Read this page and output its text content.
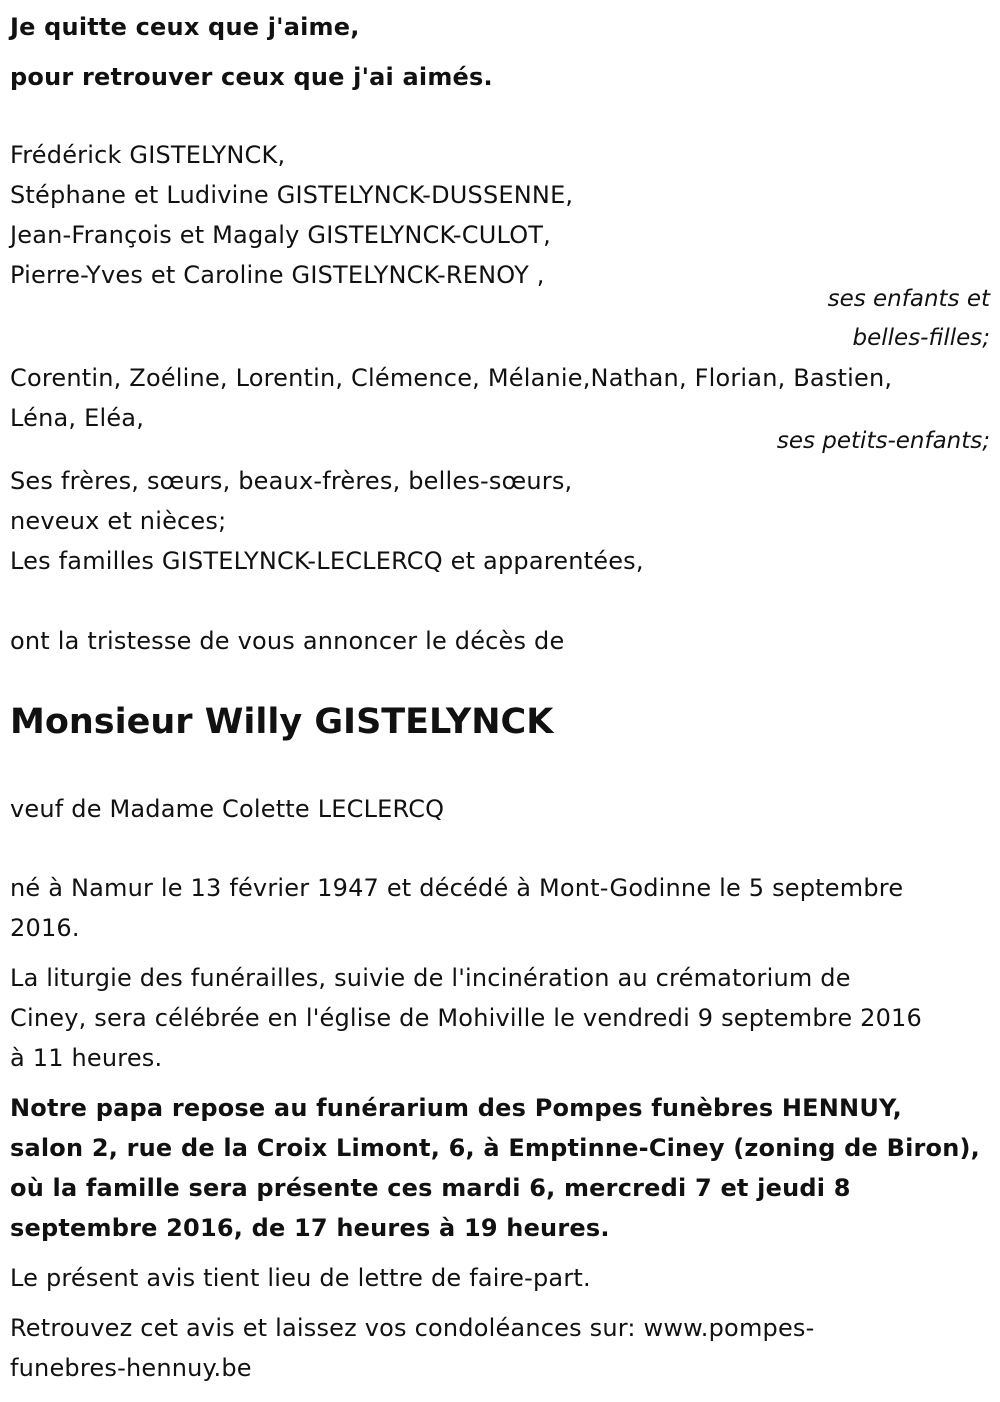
Je quitte ceux que j'aime,
pour retrouver ceux que j'ai aimés.
Frédérick GISTELYNCK,
Stéphane et Ludivine GISTELYNCK-DUSSENNE,
Jean-François et Magaly GISTELYNCK-CULOT,
Pierre-Yves et Caroline GISTELYNCK-RENOY ,
ses enfants et
belles-filles;
Corentin, Zoéline, Lorentin, Clémence, Mélanie,Nathan, Florian, Bastien,
Léna, Eléa,
ses petits-enfants;
Ses frères, sœurs, beaux-frères, belles-sœurs,
neveux et nièces;
Les familles GISTELYNCK-LECLERCQ et apparentées,
ont la tristesse de vous annoncer le décès de
Monsieur Willy GISTELYNCK
veuf de Madame Colette LECLERCQ
né à Namur le 13 février 1947 et décédé à Mont-Godinne le 5 septembre
2016.
La liturgie des funérailles, suivie de l'incinération au crématorium de
Ciney, sera célébrée en l'église de Mohiville le vendredi 9 septembre 2016
à 11 heures.
Notre papa repose au funérarium des Pompes funèbres HENNUY,
salon 2, rue de la Croix Limont, 6, à Emptinne-Ciney (zoning de Biron),
où la famille sera présente ces mardi 6, mercredi 7 et jeudi 8
septembre 2016, de 17 heures à 19 heures.
Le présent avis tient lieu de lettre de faire-part.
Retrouvez cet avis et laissez vos condoléances sur: www.pompes-
funebres-hennuy.be
